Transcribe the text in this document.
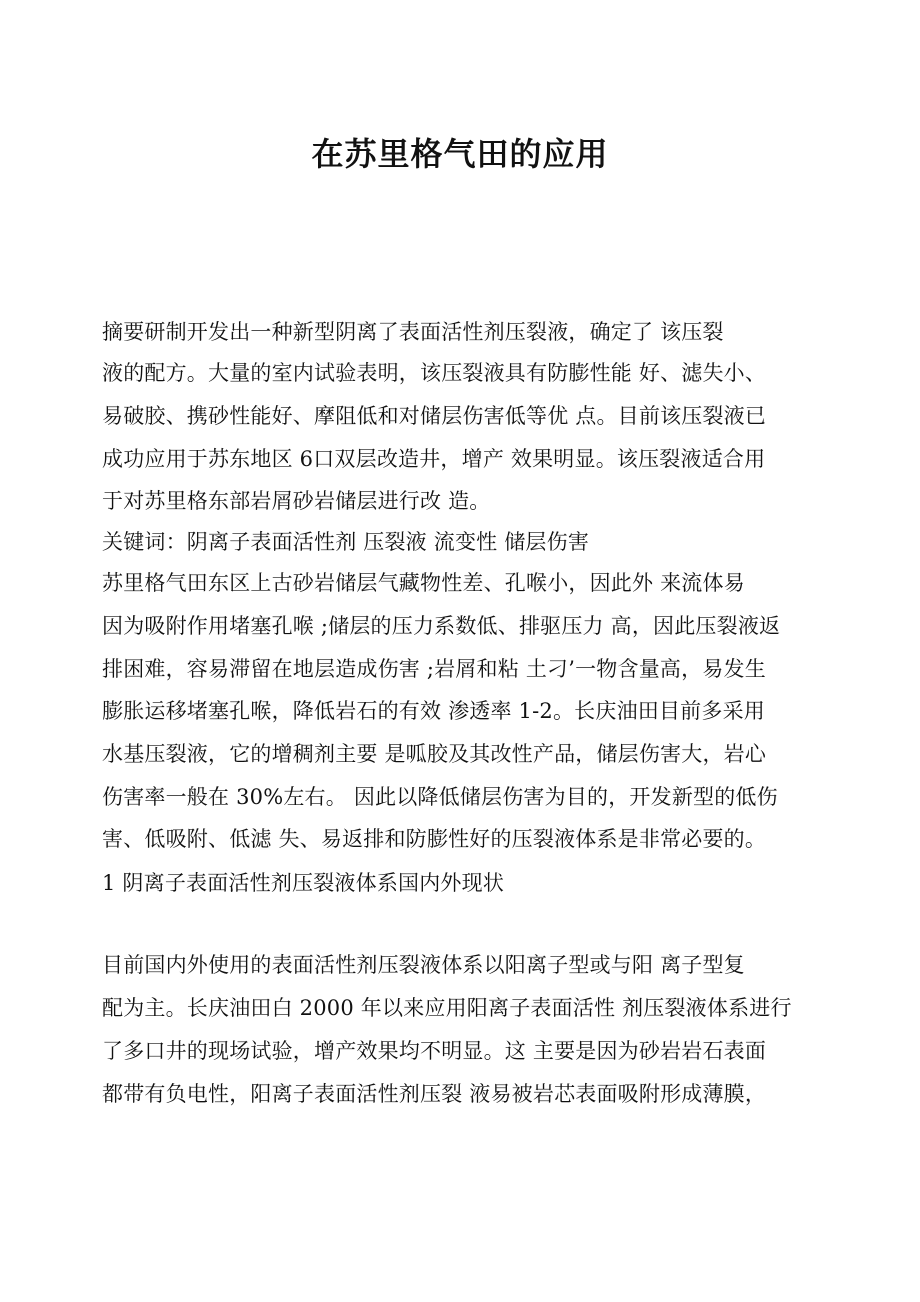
在苏里格气田的应用
摘要研制开发出一种新型阴离了表面活性剂压裂液，确定了 该压裂
液的配方。大量的室内试验表明，该压裂液具有防膨性能 好、滤失小、
易破胶、携砂性能好、摩阻低和对储层伤害低等优 点。目前该压裂液已
成功应用于苏东地区 6口双层改造井，增产 效果明显。该压裂液适合用
于对苏里格东部岩屑砂岩储层进行改 造。
关键词：阴离子表面活性剂 压裂液 流变性 储层伤害
苏里格气田东区上古砂岩储层气藏物性差、孔喉小，因此外 来流体易
因为吸附作用堵塞孔喉 ;储层的压力系数低、排驱压力 高，因此压裂液返
排困难，容易滞留在地层造成伤害 ;岩屑和粘 土刁’一物含量高，易发生
膨胀运移堵塞孔喉，降低岩石的有效 渗透率 1-2。长庆油田目前多采用
水基压裂液，它的增稠剂主要 是呱胶及其改性产品，储层伤害大，岩心
伤害率一般在 30%左右。 因此以降低储层伤害为目的，开发新型的低伤
害、低吸附、低滤 失、易返排和防膨性好的压裂液体系是非常必要的。
1 阴离子表面活性剂压裂液体系国内外现状
目前国内外使用的表面活性剂压裂液体系以阳离子型或与阳 离子型复
配为主。长庆油田白 2000 年以来应用阳离子表面活性 剂压裂液体系进行
了多口井的现场试验，增产效果均不明显。这 主要是因为砂岩岩石表面
都带有负电性，阳离子表面活性剂压裂 液易被岩芯表面吸附形成薄膜，
